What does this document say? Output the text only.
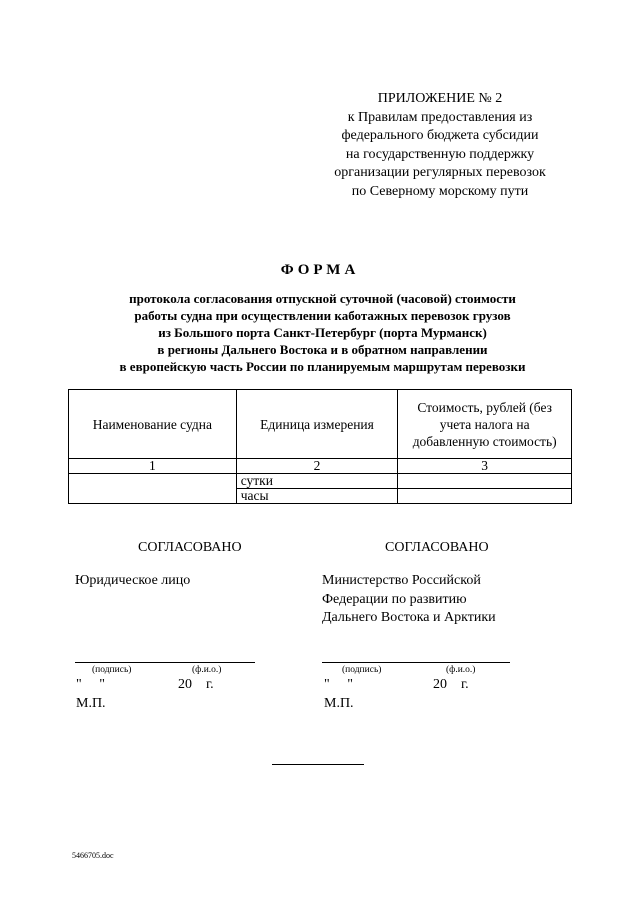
ПРИЛОЖЕНИЕ № 2
к Правилам предоставления из
федерального бюджета субсидии
на государственную поддержку
организации регулярных перевозок
по Северному морскому пути
ФОРМА
протокола согласования отпускной суточной (часовой) стоимости
работы судна при осуществлении каботажных перевозок грузов
из Большого порта Санкт-Петербург (порта Мурманск)
в регионы Дальнего Востока и в обратном направлении
в европейскую часть России по планируемым маршрутам перевозки
Наименование судна	Единица измерения	Стоимость, рублей (без учета налога на добавленную стоимость)
1	2	3
	сутки	
	часы	
СОГЛАСОВАНО
Юридическое лицо
(подпись)	(ф.и.о.)
"     "	20    г.
М.П.
СОГЛАСОВАНО
Министерство Российской
Федерации по развитию
Дальнего Востока и Арктики
(подпись)	(ф.и.о.)
"     "	20    г.
М.П.
5466705.doc
